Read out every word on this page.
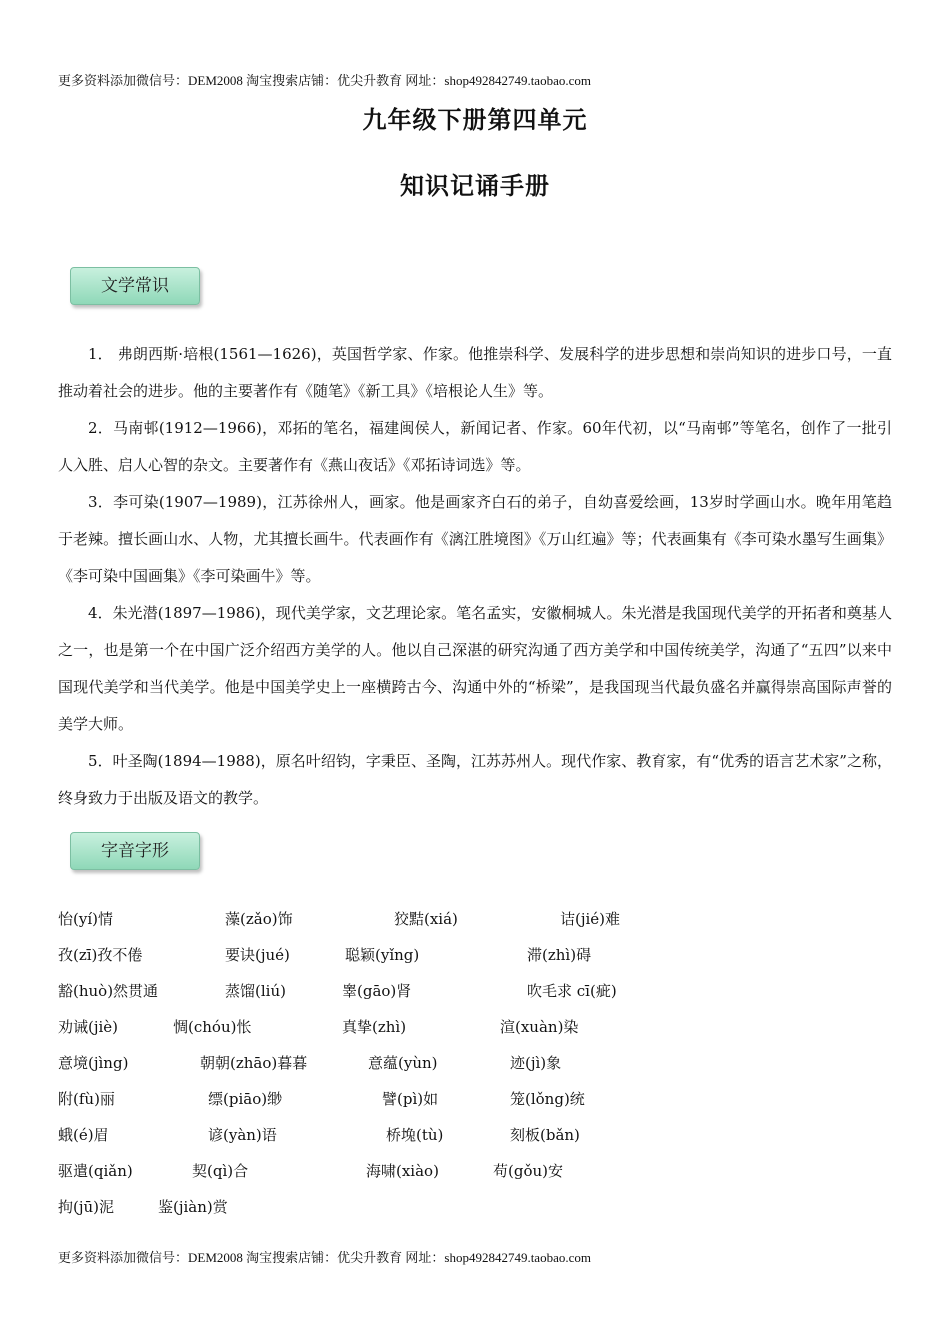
更多资料添加微信号：DEM2008 淘宝搜索店铺：优尖升教育 网址：shop492842749.taobao.com
九年级下册第四单元
知识记诵手册
文学常识

1． 弗朗西斯·培根(1561—1626)，英国哲学家、作家。他推崇科学、发展科学的进步思想和崇尚知识的进步口号，一直推动着社会的进步。他的主要著作有《随笔》《新工具》《培根论人生》等。

2．马南邨(1912—1966)，邓拓的笔名，福建闽侯人，新闻记者、作家。60年代初，以“马南邨”等笔名，创作了一批引人入胜、启人心智的杂文。主要著作有《燕山夜话》《邓拓诗词选》等。

3．李可染(1907—1989)，江苏徐州人，画家。他是画家齐白石的弟子，自幼喜爱绘画，13岁时学画山水。晚年用笔趋于老辣。擅长画山水、人物，尤其擅长画牛。代表画作有《漓江胜境图》《万山红遍》等；代表画集有《李可染水墨写生画集》《李可染中国画集》《李可染画牛》等。

4．朱光潜(1897—1986)，现代美学家，文艺理论家。笔名孟实，安徽桐城人。朱光潜是我国现代美学的开拓者和奠基人之一，也是第一个在中国广泛介绍西方美学的人。他以自己深湛的研究沟通了西方美学和中国传统美学，沟通了“五四”以来中国现代美学和当代美学。他是中国美学史上一座横跨古今、沟通中外的“桥梁”，是我国现当代最负盛名并赢得崇高国际声誉的美学大师。

5．叶圣陶(1894—1988)，原名叶绍钧，字秉臣、圣陶，江苏苏州人。现代作家、教育家，有“优秀的语言艺术家”之称，终身致力于出版及语文的教学。

字音字形
怡(yí)情	藻(zǎo)饰	狡黠(xiá)	诘(jié)难
孜(zī)孜不倦	要诀(jué)	聪颖(yǐng)	滞(zhì)碍
豁(huò)然贯通	蒸馏(liú)	睾(gāo)肾	吹毛求 cī(疵)
劝诫(jiè)	惆(chóu)怅	真挚(zhì)	渲(xuàn)染
意境(jìng)	朝朝(zhāo)暮暮	意蕴(yùn)	迹(jì)象
附(fù)丽	缥(piāo)缈	譬(pì)如	笼(lǒng)统
蛾(é)眉	谚(yàn)语	桥堍(tù)	刻板(bǎn)
驱遣(qiǎn)	契(qì)合	海啸(xiào)	苟(gǒu)安
拘(jū)泥	鉴(jiàn)赏
更多资料添加微信号：DEM2008 淘宝搜索店铺：优尖升教育 网址：shop492842749.taobao.com
